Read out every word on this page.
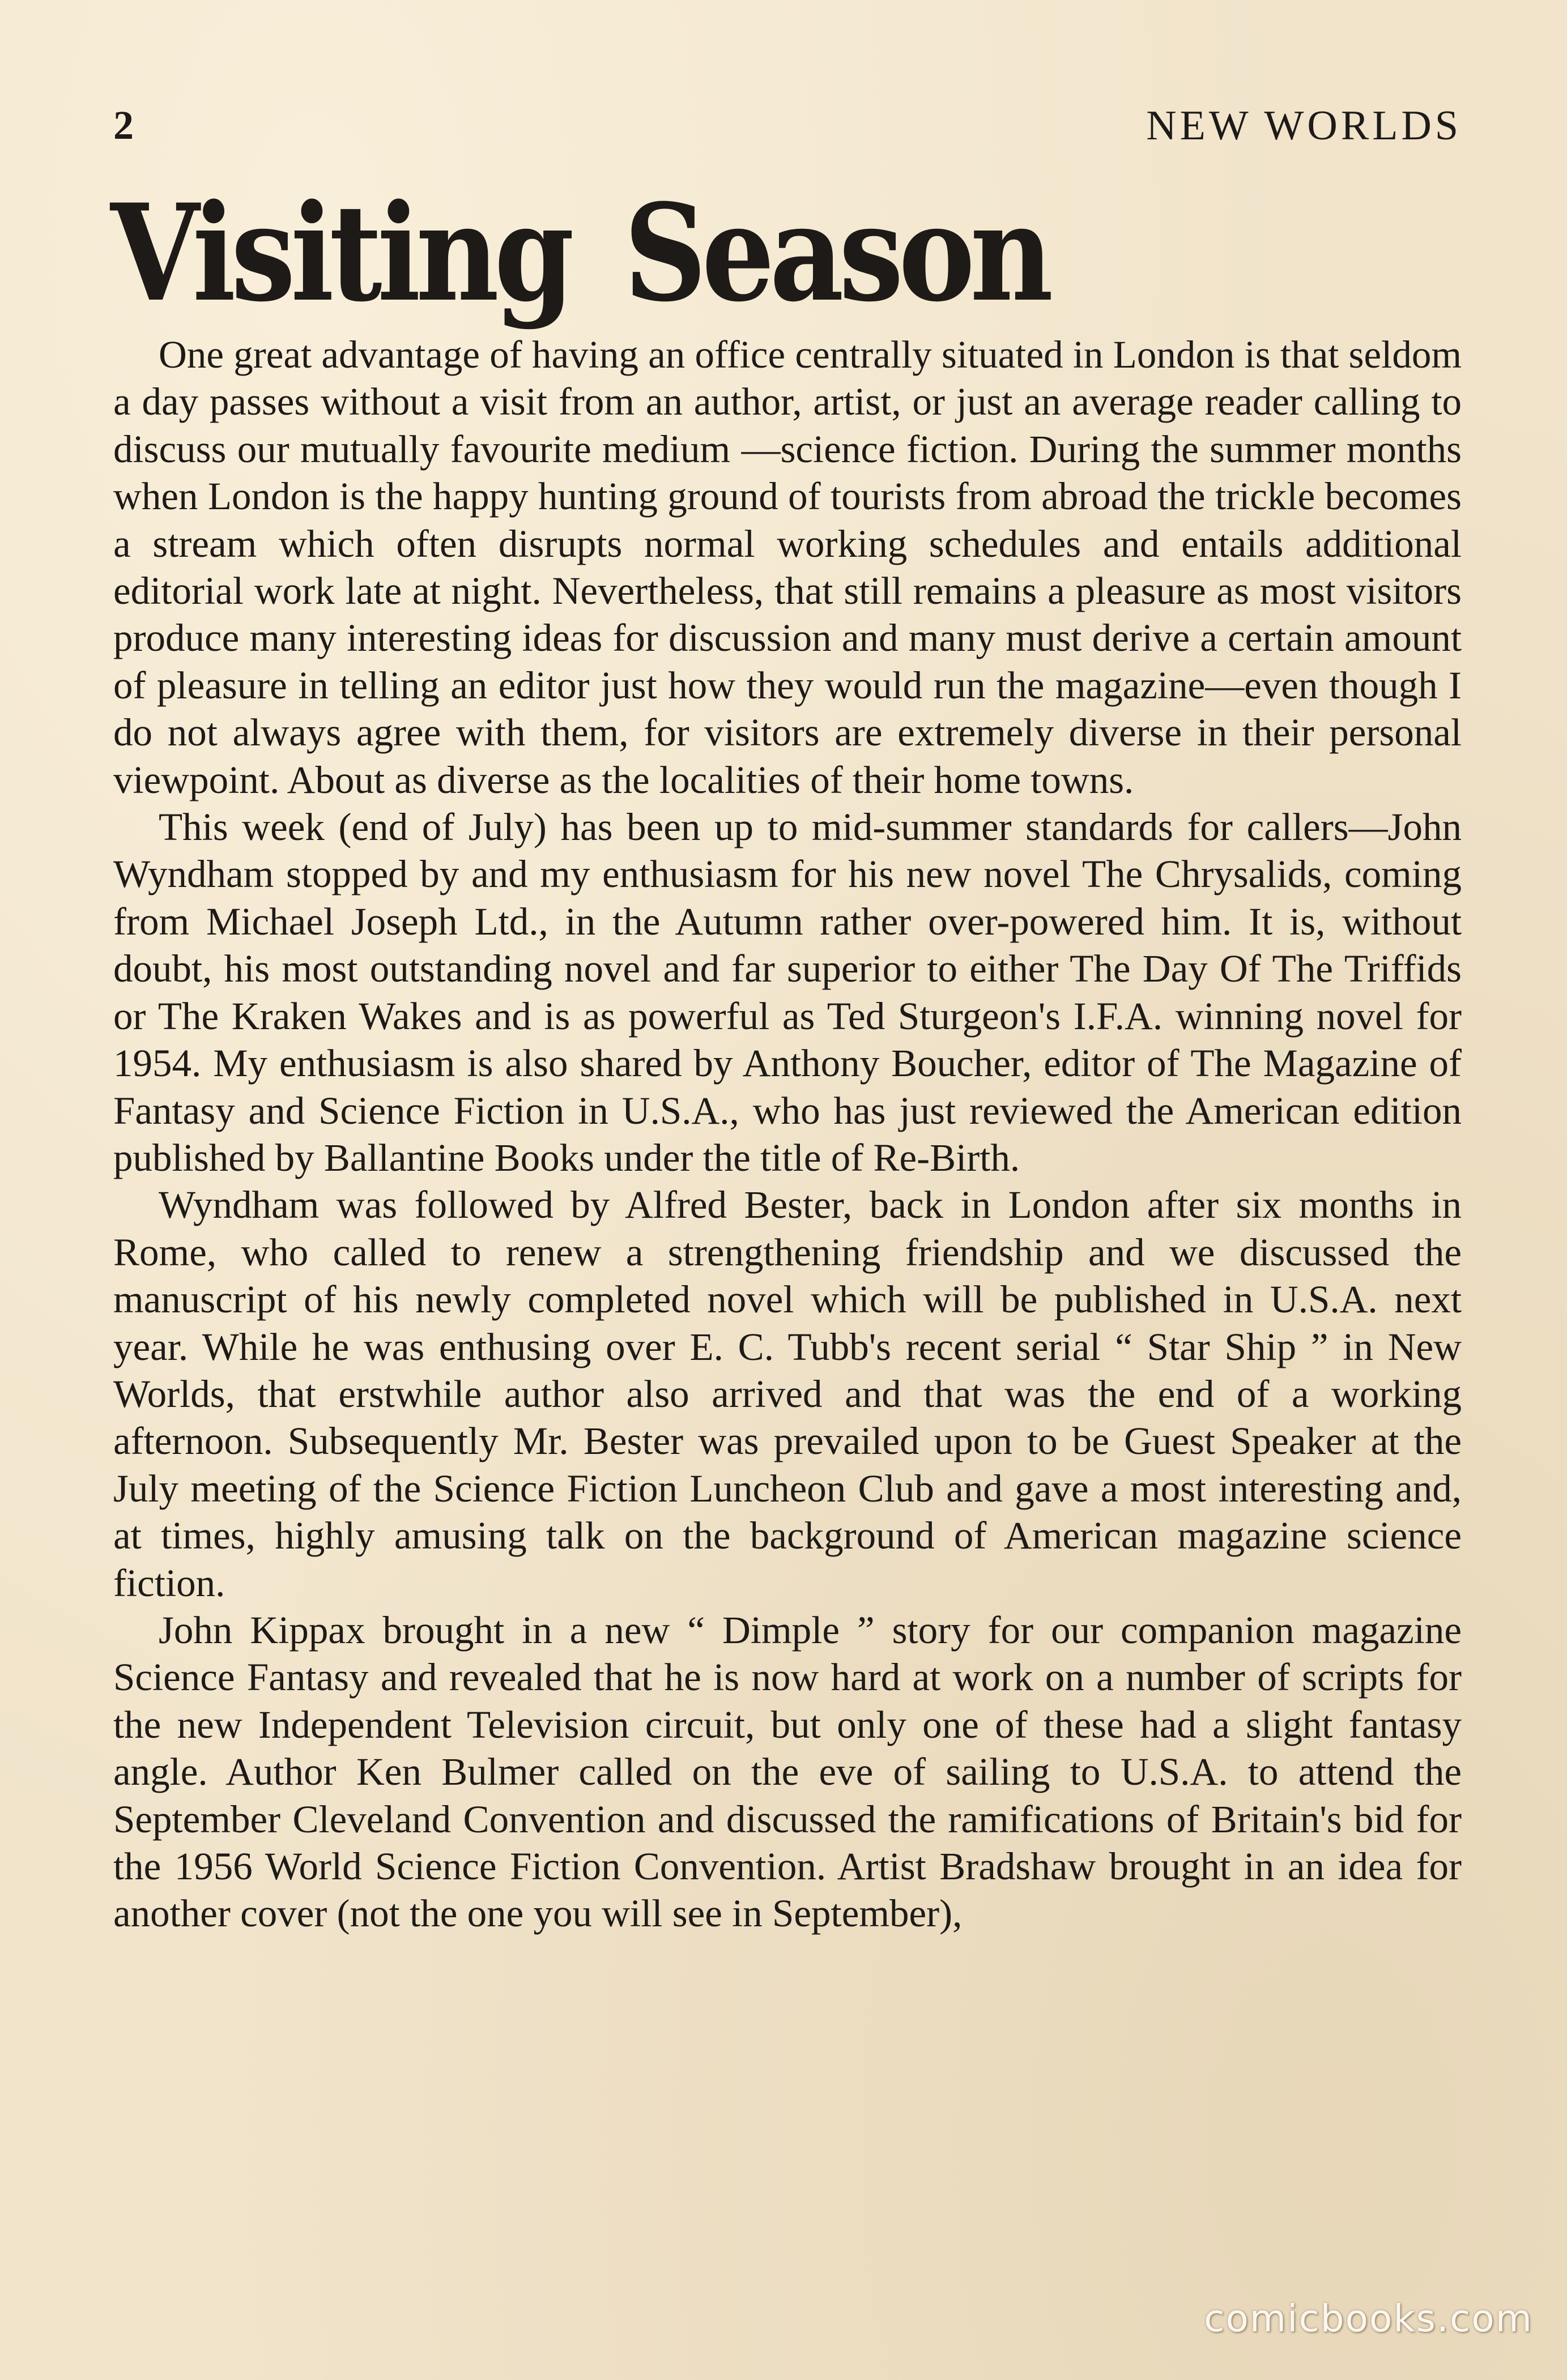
2	NEW WORLDS
Visiting Season

One great advantage of having an office centrally situated in London is that seldom a day passes without a visit from an author, artist, or just an average reader calling to discuss our mutually favourite medium —science fiction. During the summer months when London is the happy hunting ground of tourists from abroad the trickle becomes a stream which often disrupts normal working schedules and entails additional editorial work late at night. Nevertheless, that still remains a pleasure as most visitors produce many interesting ideas for discussion and many must derive a certain amount of pleasure in telling an editor just how they would run the magazine—even though I do not always agree with them, for visitors are extremely diverse in their personal viewpoint. About as diverse as the localities of their home towns.

This week (end of July) has been up to mid-summer standards for callers—John Wyndham stopped by and my enthusiasm for his new novel The Chrysalids, coming from Michael Joseph Ltd., in the Autumn rather over-powered him. It is, without doubt, his most outstanding novel and far superior to either The Day Of The Triffids or The Kraken Wakes and is as powerful as Ted Sturgeon's I.F.A. winning novel for 1954. My enthusiasm is also shared by Anthony Boucher, editor of The Magazine of Fantasy and Science Fiction in U.S.A., who has just reviewed the American edition published by Ballantine Books under the title of Re-Birth.

Wyndham was followed by Alfred Bester, back in London after six months in Rome, who called to renew a strengthening friendship and we discussed the manuscript of his newly completed novel which will be published in U.S.A. next year. While he was enthusing over E. C. Tubb's recent serial “ Star Ship ” in New Worlds, that erstwhile author also arrived and that was the end of a working afternoon. Subsequently Mr. Bester was prevailed upon to be Guest Speaker at the July meeting of the Science Fiction Luncheon Club and gave a most interesting and, at times, highly amusing talk on the background of American magazine science fiction.

John Kippax brought in a new “ Dimple ” story for our companion magazine Science Fantasy and revealed that he is now hard at work on a number of scripts for the new Independent Television circuit, but only one of these had a slight fantasy angle. Author Ken Bulmer called on the eve of sailing to U.S.A. to attend the September Cleveland Convention and discussed the ramifications of Britain's bid for the 1956 World Science Fiction Convention. Artist Bradshaw brought in an idea for another cover (not the one you will see in September),

comicbooks.com
